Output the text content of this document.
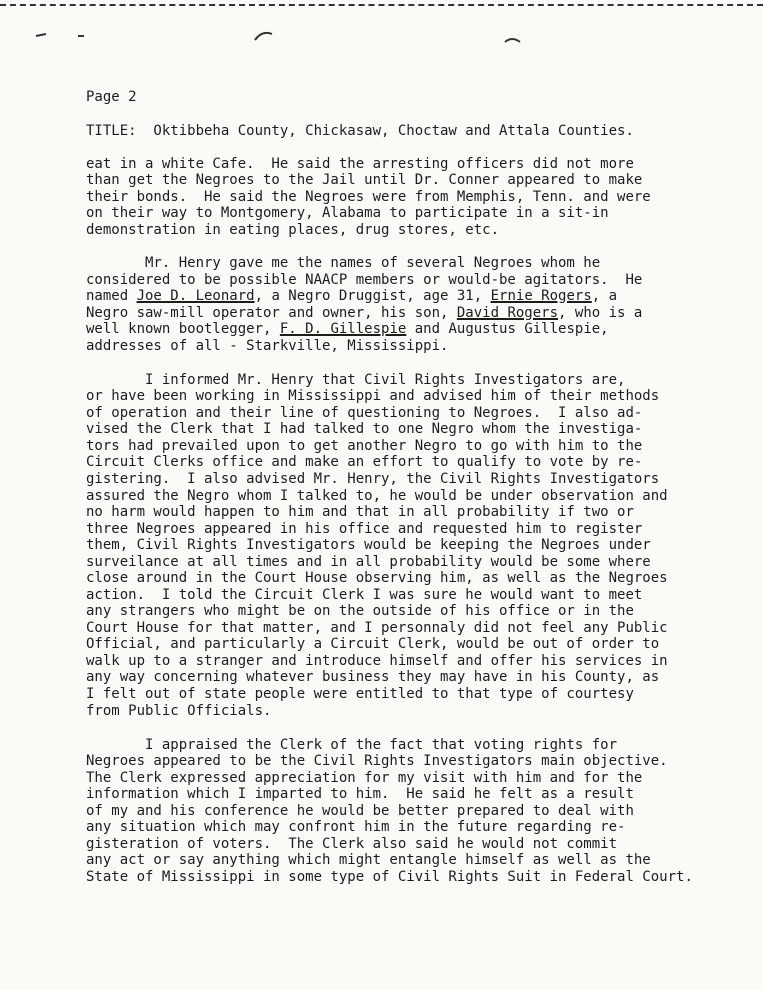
Page 2
TITLE:  Oktibbeha County, Chickasaw, Choctaw and Attala Counties.
eat in a white Cafe.  He said the arresting officers did not more
than get the Negroes to the Jail until Dr. Conner appeared to make
their bonds.  He said the Negroes were from Memphis, Tenn. and were
on their way to Montgomery, Alabama to participate in a sit-in
demonstration in eating places, drug stores, etc.
Mr. Henry gave me the names of several Negroes whom he
considered to be possible NAACP members or would-be agitators.  He
named Joe D. Leonard, a Negro Druggist, age 31, Ernie Rogers, a
Negro saw-mill operator and owner, his son, David Rogers, who is a
well known bootlegger, F. D. Gillespie and Augustus Gillespie,
addresses of all - Starkville, Mississippi.
I informed Mr. Henry that Civil Rights Investigators are,
or have been working in Mississippi and advised him of their methods
of operation and their line of questioning to Negroes.  I also ad-
vised the Clerk that I had talked to one Negro whom the investiga-
tors had prevailed upon to get another Negro to go with him to the
Circuit Clerks office and make an effort to qualify to vote by re-
gistering.  I also advised Mr. Henry, the Civil Rights Investigators
assured the Negro whom I talked to, he would be under observation and
no harm would happen to him and that in all probability if two or
three Negroes appeared in his office and requested him to register
them, Civil Rights Investigators would be keeping the Negroes under
surveilance at all times and in all probability would be some where
close around in the Court House observing him, as well as the Negroes
action.  I told the Circuit Clerk I was sure he would want to meet
any strangers who might be on the outside of his office or in the
Court House for that matter, and I personnaly did not feel any Public
Official, and particularly a Circuit Clerk, would be out of order to
walk up to a stranger and introduce himself and offer his services in
any way concerning whatever business they may have in his County, as
I felt out of state people were entitled to that type of courtesy
from Public Officials.
I appraised the Clerk of the fact that voting rights for
Negroes appeared to be the Civil Rights Investigators main objective.
The Clerk expressed appreciation for my visit with him and for the
information which I imparted to him.  He said he felt as a result
of my and his conference he would be better prepared to deal with
any situation which may confront him in the future regarding re-
gisteration of voters.  The Clerk also said he would not commit
any act or say anything which might entangle himself as well as the
State of Mississippi in some type of Civil Rights Suit in Federal Court.
